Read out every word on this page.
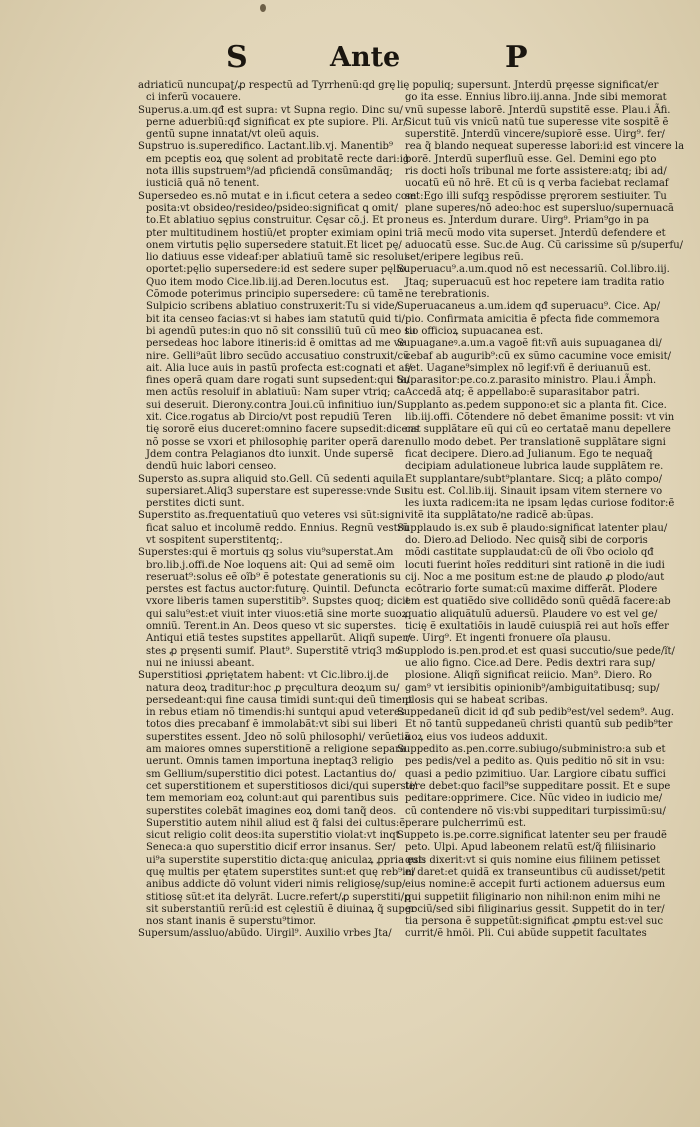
S	Ante	P
adriaticũ nuncupaʈ/ꝓ respectũ ad Tyrrhenũ:qd grę
ci inferũ vocauere.
Superus.a.um.qđ est supra: vt Supna regio. Dinc su/
perne aduerbiũ:qđ significat ex pte supiore. Pli. Ar/
gentũ supne innatat/vt oleũ aquis.
Supstruo is.superedifico. Lactant.lib.vj. Manentib⁹
em pceptis eoꝝ quę solent ad probitatẽ recte dari:ig
nota illis supstruem⁹/ad pficiendã consũmandãq;
iusticiã quã nõ tenent.
Supersedeo es.nõ mutat e in i.ficut cetera a sedeo com
posita:vt obsideo/resideo/psideo:significat ꝗ omit/
to.Et ablatiuo sępius construitur. Cęsar cõ.j. Et pro
pter multitudinem hostiũ/et propter eximiam opini
onem virtutis pęlio supersedere statuit.Et licet pę/
lio datiuus esse videaf:per ablatiuũ tamẽ sic resolui
oportet:pęlio supersedere:id est sedere super pęlio.
Quo item modo Cice.lib.iij.ad Deren.locutus est.
Cõmode poterimus principio supersedere: cũ tamẽ
Sulpicio scribens ablatiuo construxerit:Tu si vide/
bit ita censeo facias:vt si habes iam statutũ quid ti/
bi agendũ putes:in quo nõ sit conssiliũ tuũ cũ meo su
persedeas hoc labore itineris:id ẽ omittas ad me ve
nire. Gelli⁹aũt libro secũdo accusatiuo construxit/cũ
ait. Alia luce auis in pastũ profecta est:cognati et af/
fines operã quam dare rogati sunt supsedent:qui ta/
men actũs resoluif in ablatiuũ: Nam super vtriq; ca
sui deseruit. Dierony.contra Joui.cũ infinitiuo iun/
xit. Cice.rogatus ab Dircio/vt post repudiũ Teren
tię sororẽ eius duceret:omnino facere supsedit:dicens
nõ posse se vxori et philosophię pariter operã dare.
Jdem contra Pelagianos dto iunxit. Unde supersẽ
dendũ huic labori censeo.
Supersto as.supra aliquid sto.Gell. Cũ sedenti aquila
supersiaret.Aliq3 superstare est superesse:vnde Su
perstites dicti sunt.
Superstito as.frequentatiuũ quo veteres vsi sũt:signi
ficat saluo et incolumẽ reddo. Ennius. Regnũ vestrũ
vt sospitent superstitentq;.
Superstes:qui ẽ mortuis qꝫ solus viu⁹superstat.Am
bro.lib.j.offi.de Noe loquens ait: Qui ad semẽ oim
reseruat⁹:solus eẽ oĩb⁹ ẽ potestate generationis su
perstes est factus auctor:futurę. Quintil. Defuncta
vxore liberis tamen superstitib⁹. Supstes quoq; dicit
qui salu⁹est:et viuit inter viuos:etiã sine morte suoꝝ
omniũ. Terent.in An. Deos queso vt sic superstes.
Antiqui etiã testes supstites appellarũt. Aliqñ super/
stes ꝓ pręsenti sumif. Plaut⁹. Superstitẽ vtriq3 mo
nui ne iniussi abeant.
Superstitiosi ꝓpriętatem habent: vt Cic.libro.ij.de
natura deoꝝ traditur:hoc ꝓ pręcultura deoꝝum su/
persedeant:qui fine causa timidi sunt:qui deũ timent
in rebus etiam nõ timendis:hi suntqui apud veteres
totos dies precabanf ẽ immolabãt:vt sibi sui liberi
superstites essent. Jdeo nõ solũ philosophi/ verũetiã
am maiores omnes superstitionẽ a religione separa
uerunt. Omnis tamen importuna ineptaq3 religio
sm Gellium/superstitio dici potest. Lactantius do/
cet superstitionem et superstitiosos dici/qui supersti/
tem memoriam eoꝝ colunt:aut qui parentibus suis
superstites colebãt imagines eoꝝ domi tanq̃ deos.
Superstitio autem nihil aliud est q̃ falsi dei cultus:ẽ
sicut religio colit deos:ita superstitio violat:vt inqt
Seneca:a quo superstitio dicif error insanus. Ser/
ui⁹a superstite superstitio dicta:quę aniculaꝝ ꝓpria est:
quę multis per ętatem superstites sunt:et quę reb⁹in/
anibus addicte dõ volunt videri nimis religiosę/sup/
stitiosę sũt:et ita delyrãt. Lucre.refert/ꝓ superstiti/ꝑ
sit suberstantiũ rerũ:id est cęlestiũ ẽ diuinaꝝ q̃ super
nos stant inanis ẽ superstu⁹timor.
Supersum/assluo/abũdo. Uirgil⁹. Auxilio vrbes Jta/
lię populiq; supersunt. Jnterdũ pręesse significat/er
go ita esse. Ennius libro.iij.anna. Jnde sibi memorat
vnũ supesse laborẽ. Jnterdũ supstitẽ esse. Plau.i Ãfi.
Sicut tuũ vis vnicũ natũ tue superesse vite sospitẽ ẽ
superstitẽ. Jnterdũ vincere/supiorẽ esse. Uirg⁹. fer/
rea q̃ blando nequeat superesse labori:id est vincere la
borẽ. Jnterdũ superfluũ esse. Gel. Demini ego pto
ris docti hoĩs tribunal me forte assistere:atq; ibi ad/
uocatũ eũ nõ hrẽ. Et cũ is q verba faciebat reclamaf
set:Ego illi sufqꝫ respõdisse pręrorem sestiuiter. Tu
plane superes/nõ adeo:hoc est supersluo/supernuacã
neus es. Jnterdum durare. Uirg⁹. Priam⁹go in pa
triã mecũ modo vita superset. Jnterdũ defendere et
aduocatũ esse. Suc.de Aug. Cũ carissime sũ p/superfu/
set/eripere legibus reũ.
Superuacu⁹.a.um.quod nõ est necessariũ. Col.libro.iij.
Jtaq; superuacuũ est hoc repetere iam tradita ratio
ne terebrationis.
Superuacaneus a.um.idem qđ superuacu⁹. Cice. Ap/
pio. Confirmata amicitia ẽ pfecta fide commemora
tio officioꝝ supuacanea est.
Supuaganeꝰ.a.um.a vagoẽ fit:vñ auis supuaganea di/
cebaf ab augurib⁹:cũ ex sũmo cacumine voce emisit/
set. Uagane⁹simplex nõ legif:vñ ẽ deriuanuũ est.
Suparasitor:pe.co.z.parasito ministro. Plau.i Ãmpĥ.
Accedã atq; ẽ appellabo:ẽ suparasitabor patri.
Supplanto as.pedem suppono:et sic a planta fit. Cice.
lib.iij.offi. Cõtendere nõ debet ẽmanime possit: vt vin
cat supplãtare eũ qui cũ eo certataẽ manu depellere
nullo modo debet. Per translationẽ supplãtare signi
ficat decipere. Diero.ad Julianum. Ego te nequaq̃
decipiam adulationeue lubrica laude supplãtem re.
Et supplantare/subt⁹plantare. Sicq; a plãto compo/
situ est. Col.lib.iij. Sinauit ipsam vitem sternere vo
les iuxta radicem:ita ne ipsam lędas curiose foditor:ẽ
vitẽ ita supplãtato/ne radicẽ ab:ũpas.
Supplaudo is.ex sub ẽ plaudo:significat latenter plau/
do. Diero.ad Deliodo. Nec quisq̃ sibi de corporis
mõdi castitate supplaudat:cũ de oĩi v̄bo ociolo qđ
locuti fuerint hoĩes reddituri sint rationẽ in die iudi
cij. Noc a me positum est:ne de plaudo ꝓ plodo/aut
ecõtrario forte sumat:cũ maxime differãt. Plodere
em est quatiẽdo sive collidẽdo sonũ quẽdã facere:ab
quatio aliquãtulũ aduersũ. Plaudere vo est vel ge/
ticię ẽ exultatiõis in laudẽ cuiuspiã rei aut hoĩs effer
re. Uirg⁹. Et ingenti fronuere oĩa plausu.
Supplodo is.pen.prod.et est quasi succutio/sue pede/ĩt/
ue alio figno. Cice.ad Dere. Pedis dextri rara sup/
plosione. Aliqñ significat reiicio. Man⁹. Diero. Ro
gam⁹ vt iersibitis opinionib⁹/ambiguitatibusq; sup/
plosis qui se habeat scribas.
Suppedaneũ dicit id qđ sub pedib⁹est/vel sedem⁹. Aug.
Et nõ tantũ suppedaneũ christi quantũ sub pedib⁹ter
uoꝝ eius vos iudeos adduxit.
Suppedito as.pen.corre.subiugo/subministro:a sub et
pes pedis/vel a pedito as. Quis peditio nõ sit in vsu:
quasi a pedio pzimitiuo. Uar. Largiore cibatu suffici
tere debet:quo facil⁹se suppeditare possit. Et e supe
peditare:opprimere. Cice. Nũc video in iudicio me/
cũ contendere nõ vis:vbi suppeditari turpissimũ:su/
perare pulcherrimũ est.
Suppeto is.pe.corre.significat latenter seu per fraudẽ
peto. Ulpi. Apud labeonem relatũ est/q̃ filiisinario
quis dixerit:vt si quis nomine eius filiinem petisset
ei daret:et quidã ex transeuntibus cũ audisset/petit
eius nomine:ẽ accepit furti actionem aduersus eum
qui suppetiit filiginario non nihil:non enim mihi ne
gociũ/sed sibi filiginarius gessit. Suppetit do in ter/
tia persona ẽ suppetũt:significat ꝓmptu est:vel suc
currit/ẽ hmõi. Pli. Cui abũde suppetit facultates
